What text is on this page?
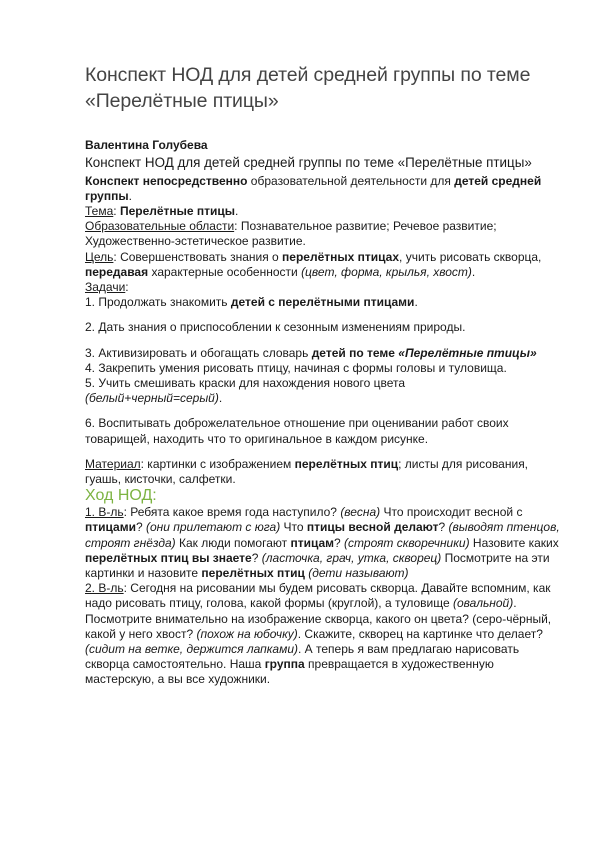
Конспект НОД для детей средней группы по теме «Перелётные птицы»

Валентина Голубева

Конспект НОД для детей средней группы по теме «Перелётные птицы»

Конспект непосредственно образовательной деятельности для детей средней группы.

Тема: Перелётные птицы.

Образовательные области: Познавательное развитие; Речевое развитие; Художественно-эстетическое развитие.

Цель: Совершенствовать знания о перелётных птицах, учить рисовать скворца, передавая характерные особенности (цвет, форма, крылья, хвост).

Задачи:

1. Продолжать знакомить детей с перелётными птицами.

2. Дать знания о приспособлении к сезонным изменениям природы.

3. Активизировать и обогащать словарь детей по теме «Перелётные птицы»

4. Закрепить умения рисовать птицу, начиная с формы головы и туловища.

5. Учить смешивать краски для нахождения нового цвета (белый+черный=серый).

6. Воспитывать доброжелательное отношение при оценивании работ своих товарищей, находить что то оригинальное в каждом рисунке.

Материал: картинки с изображением перелётных птиц; листы для рисования, гуашь, кисточки, салфетки.

Ход НОД:

1. В-ль: Ребята какое время года наступило? (весна) Что происходит весной с птицами? (они прилетают с юга) Что птицы весной делают? (выводят птенцов, строят гнёзда) Как люди помогают птицам? (строят скворечники) Назовите каких перелётных птиц вы знаете? (ласточка, грач, утка, скворец) Посмотрите на эти картинки и назовите перелётных птиц (дети называют)

2. В-ль: Сегодня на рисовании мы будем рисовать скворца. Давайте вспомним, как надо рисовать птицу, голова, какой формы (круглой), а туловище (овальной). Посмотрите внимательно на изображение скворца, какого он цвета? (серо-чёрный, какой у него хвост? (похож на юбочку). Скажите, скворец на картинке что делает? (сидит на ветке, держится лапками). А теперь я вам предлагаю нарисовать скворца самостоятельно. Наша группа превращается в художественную мастерскую, а вы все художники.
